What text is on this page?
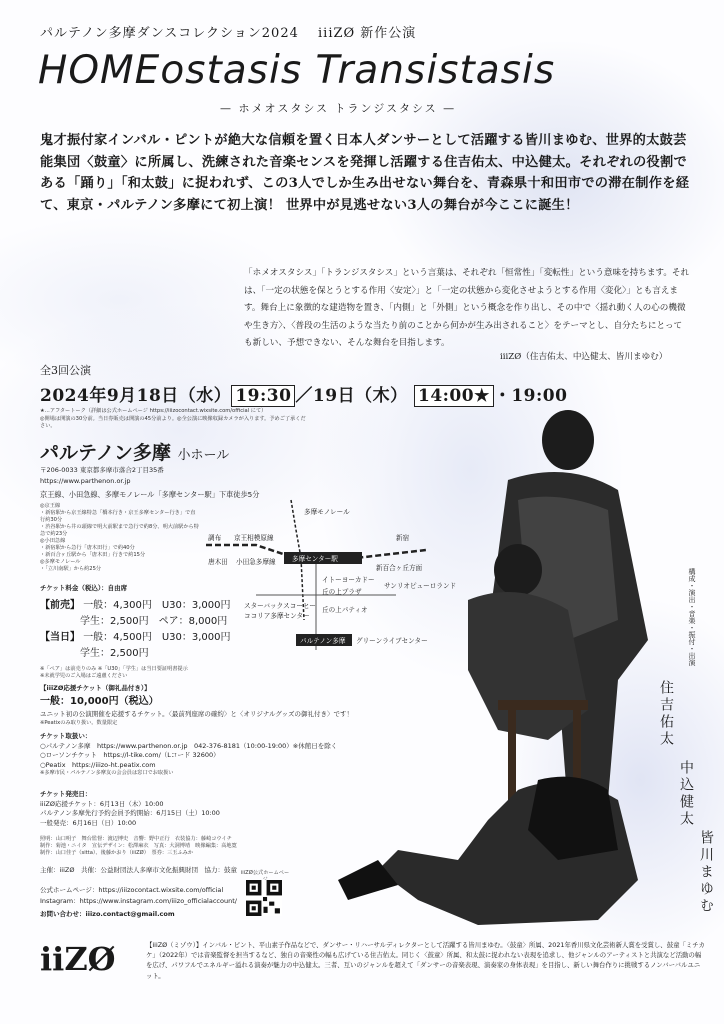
パルテノン多摩ダンスコレクション2024　 iiiZØ 新作公演
HOMEostasis Transistasis
— ホメオスタシス トランジスタシス —
鬼才振付家インバル・ピントが絶大な信頼を置く日本人ダンサーとして活躍する皆川まゆむ、世界的太鼓芸能集団〈鼓童〉に所属し、洗練された音楽センスを発揮し活躍する住吉佑太、中込健太。それぞれの役割である「踊り」「和太鼓」に捉われず、この3人でしか生み出せない舞台を、青森県十和田市での滞在制作を経て、東京・パルテノン多摩にて初上演！ 世界中が見逃せない3人の舞台が今ここに誕生！
「ホメオスタシス」「トランジスタシス」という言葉は、それぞれ「恒常性」「変転性」という意味を持ちます。それは、「一定の状態を保とうとする作用〈安定〉」と「一定の状態から変化させようとする作用〈変化〉」とも言えます。舞台上に象徴的な建造物を置き、「内側」と「外側」という概念を作り出し、その中で〈揺れ動く人の心の機微や生き方〉、〈普段の生活のような当たり前のことから何かが生み出されること〉をテーマとし、自分たちにとっても新しい、予想できない、そんな舞台を目指します。
iiiZØ（住吉佑太、中込健太、皆川まゆむ）
全3回公演
2024年9月18日（水） 19:30 ／19日（木） 14:00★ ・19:00
★…アフタートーク（詳細は公式ホームページ https://iiizocontact.wixsite.com/official にて）
◎開場は開演の30分前。当日券販売は開演の45分前より。◎全公演に映像収録カメラが入ります。予めご了承ください。
パルテノン多摩 小ホール
〒206-0033 東京都多摩市落合2丁目35番
https://www.parthenon.or.jp
京王線、小田急線、多摩モノレール「多摩センター駅」下車徒歩5分
◎京王線
・新宿駅から京王線特急「橋本行き・京王多摩センター行き」で直行約30分
・渋谷駅から井の頭線で明大前駅まで急行で約8分、明大前駅から特急で約23分
◎小田急線
・新宿駅から急行「唐木田行」で約40分
・新百合ヶ丘駅から「唐木田」行きで約15分
◎多摩モノレール
・「立川南駅」から約25分
多摩センター駅
調布 京王相模原線
唐木田 小田急多摩線
新宿
新百合ヶ丘方面
多摩モノレール
イトーヨーカドー
丘の上プラザ
スターバックスコーヒー
ココリア多摩センター
丘の上パティオ
サンリオピューロランド
パルテノン多摩 グリーンライブセンター
チケット料金（税込）：自由席
【前売】 一般：4,300円　 U30：3,000円
学生：2,500円　 ペア：8,000円
【当日】 一般：4,500円　 U30：3,000円
学生：2,500円
※「ペア」は前売りのみ ※「U30」「学生」は当日要証明書提示
※未就学児のご入場はご遠慮ください
【iiiZØ応援チケット（御礼品付き）】
一般：10,000円（税込）
ユニット初の公演開催を応援するチケット。〈最前列座席の確約〉と〈オリジナルグッズの御礼付き〉です！
※Peatixのみ取り扱い。数量限定
チケット取扱い：
○パルテノン多摩　https://www.parthenon.or.jp　042-376-8181（10:00-19:00）※休館日を除く
○ローソンチケット　https://l-tike.com/（Lコード 32600）
○Peatix　https://iiizo-ht.peatix.com
※多摩市民・パルテノン多摩友の会会員は窓口でお取扱い
チケット発売日：
iiiZØ応援チケット：6月13日（木）10:00
パルテノン多摩先行予約会員予約開始：6月15日（土）10:00
一般発売：6月16日（日）10:00
照明：山口明子　舞台監督：渡辺博史　音響：野中正行　衣装協力：藤崎コウイチ
制作：菊池・ニイタ　宣伝デザイン：松澤麻衣　写真：大洞博靖　映像編集：高地寛
制作：山口佳子（sitta）、後藤かおり（iiiZØ）　票券：三玉ふみか
主催：iiiZØ　共催：公益財団法人多摩市文化振興財団　協力：鼓童
公式ホームページ：https://iiizocontact.wixsite.com/official
Instagram：https://www.instagram.com/iiizo_officialaccount/
お問い合わせ：iiizo.contact@gmail.com
iiiZØ公式ホームペー
構成・演出・音楽・振付・出演
住吉佑太
中込健太
皆川まゆむ
iiZØ	【iiiZØ（ミゾウ）】インバル・ピント、平山素子作品などで、ダンサー・リハーサルディレクターとして活躍する皆川まゆむ。〈鼓童〉所属、2021年香川県文化芸術新人賞を受賞し、鼓童「ミチカケ」（2022年）では音楽監督を担当するなど、独自の音楽性の幅も広げている住吉佑太。同じく〈鼓童〉所属、和太鼓に捉われない表現を追求し、他ジャンルのアーティストと共演など活動の幅を広げ、パワフルでエネルギー溢れる演奏が魅力の中込健太。三者、互いのジャンルを超えて「ダンサーの音楽表現、演奏家の身体表現」を目指し、新しい舞台作りに挑戦するノンバーバルユニット。
